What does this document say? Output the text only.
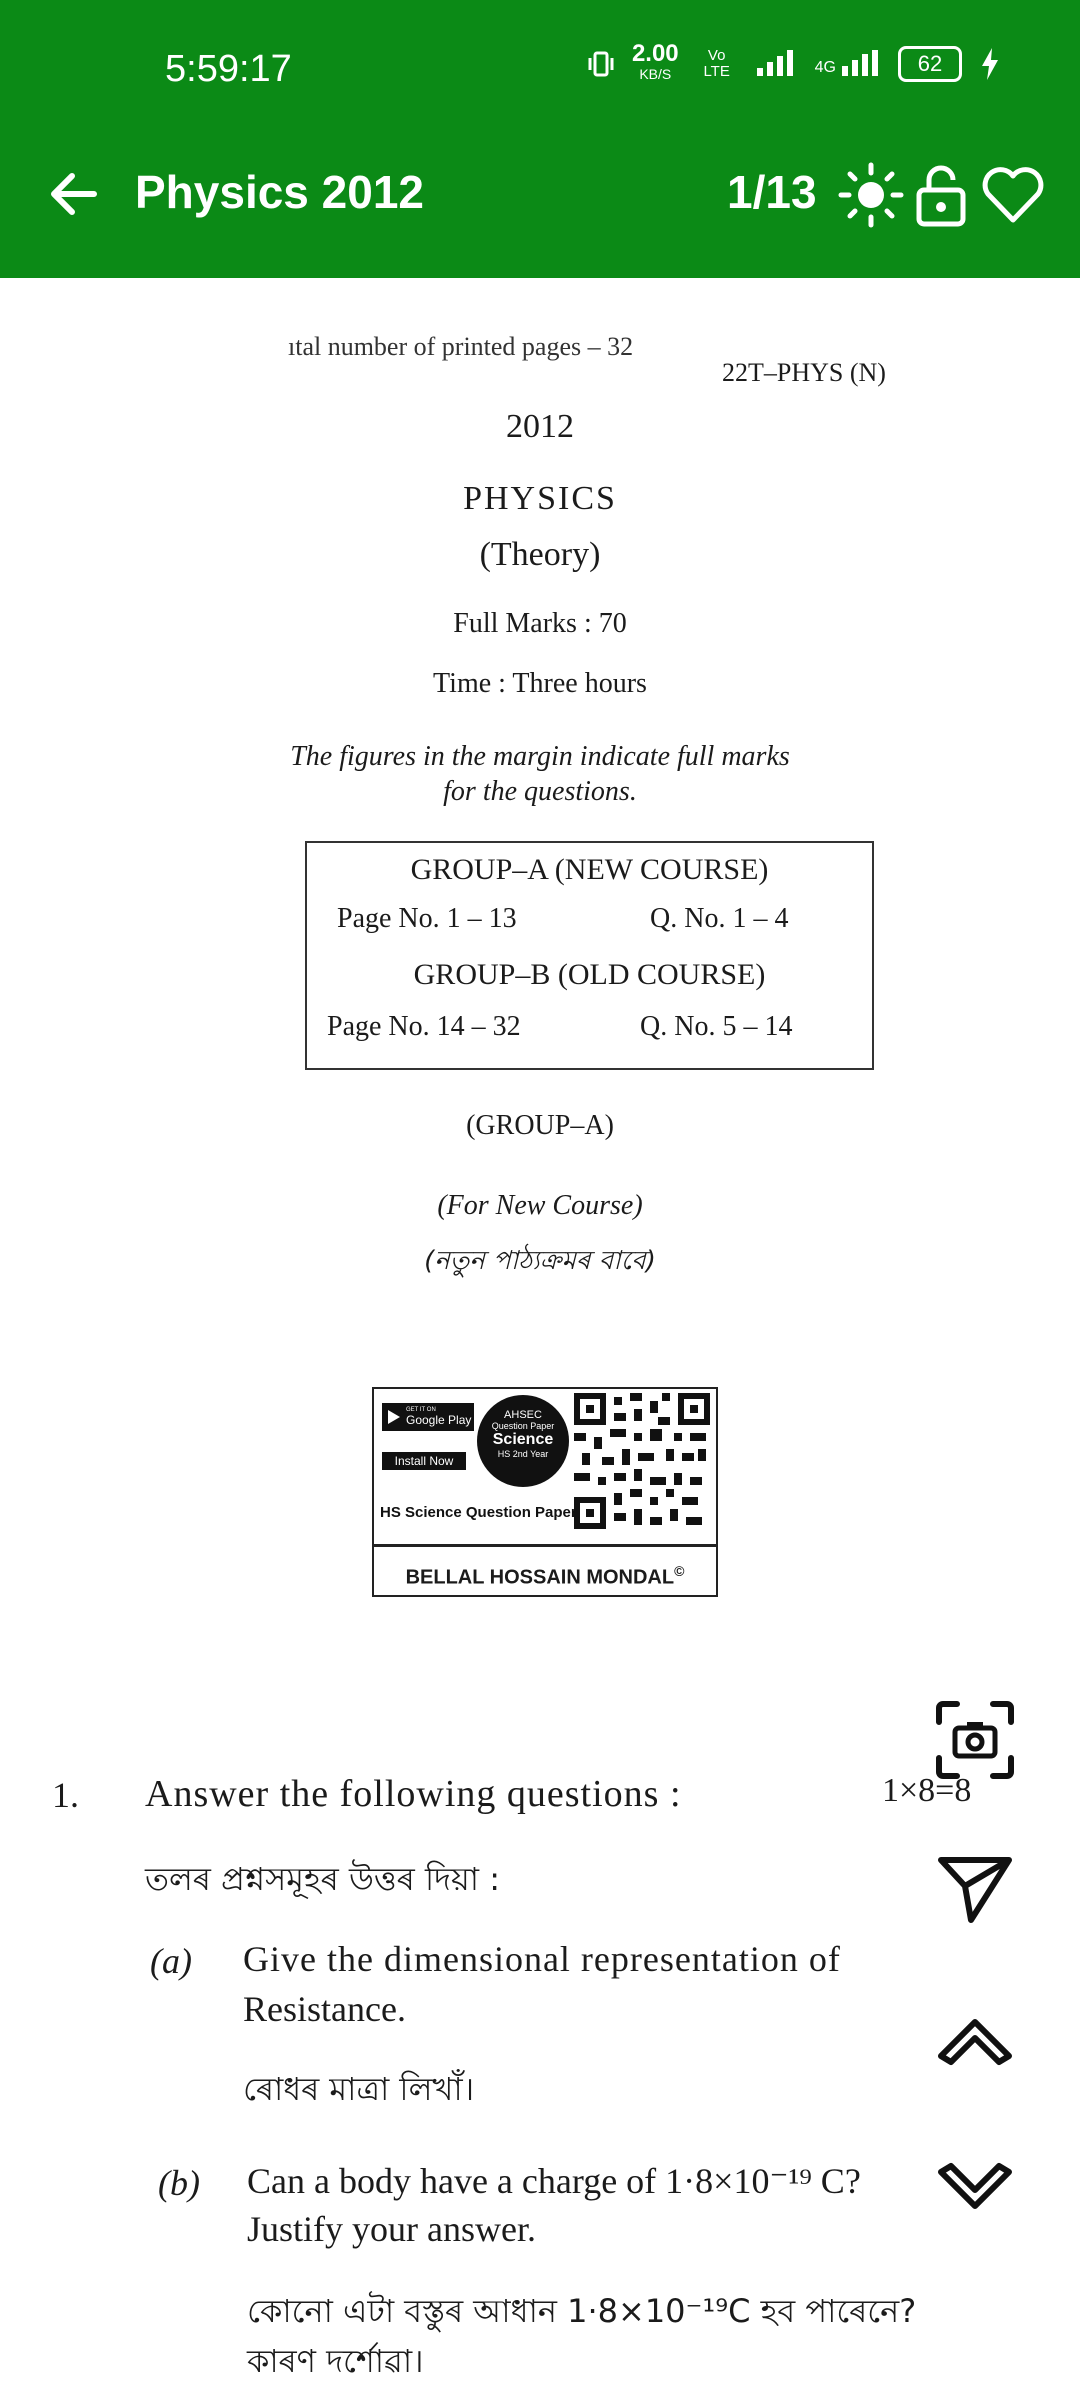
5:59:17	2.00
KB/S
Vo LTE	4G	62
Physics 2012	1/13
ıtal number of printed pages – 32
22T–PHYS (N)
2012
PHYSICS
(Theory)
Full Marks : 70
Time : Three hours
The figures in the margin indicate full marks
for the questions.
GROUP–A (NEW COURSE)
Page No. 1 – 13	Q. No. 1 – 4
GROUP–B (OLD COURSE)
Page No. 14 – 32	Q. No. 5 – 14
(GROUP–A)
(For New Course)
(নতুন পাঠ্যক্ৰমৰ বাবে)
GET IT ON
Google Play
Install Now
AHSEC
Question Paper
Science
HS 2nd Year
HS Science Question Paper
BELLAL HOSSAIN MONDAL©
1. Answer the following questions :	1×8=8
তলৰ প্ৰশ্নসমূহৰ উত্তৰ দিয়া :
(a) Give the dimensional representation of
Resistance.
ৰোধৰ মাত্ৰা লিখাঁ।
(b) Can a body have a charge of 1·8×10⁻¹⁹ C?
Justify your answer.
কোনো এটা বস্তুৰ আধান 1·8×10⁻¹⁹C হব পাৰেনে?
কাৰণ দৰ্শোৱা।
